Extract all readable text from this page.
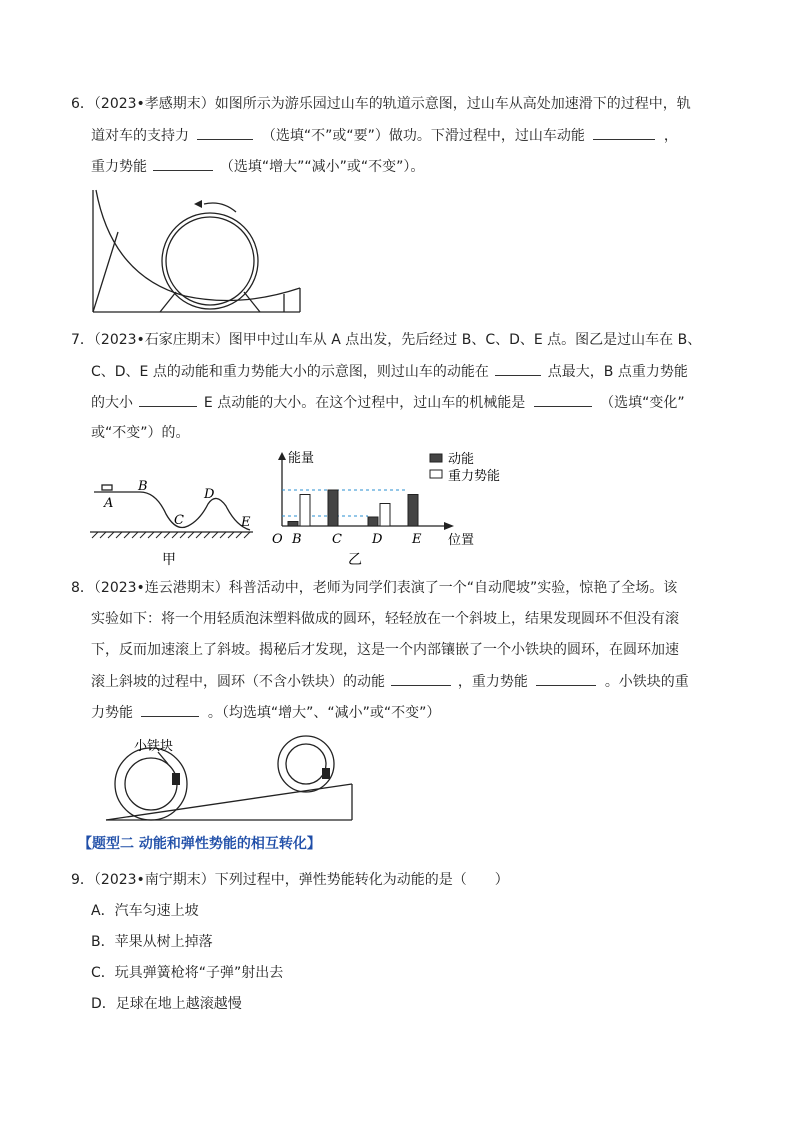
6．（2023•孝感期末）如图所示为游乐园过山车的轨道示意图，过山车从高处加速滑下的过程中，轨
道对车的支持力	（选填“不”或“要”）做功。下滑过程中，过山车动能	，
重力势能	（选填“增大”“减小”或“不变”）。
7．（2023•石家庄期末）图甲中过山车从 A 点出发，先后经过 B、C、D、E 点。图乙是过山车在 B、
C、D、E 点的动能和重力势能大小的示意图，则过山车的动能在	点最大，B 点重力势能
的大小	E 点动能的大小。在这个过程中，过山车的机械能是	（选填“变化”
或“不变”）的。
A
B
C
D
E
甲
能量
位置
O B C D E
动能
重力势能
乙
8．（2023•连云港期末）科普活动中，老师为同学们表演了一个“自动爬坡”实验，惊艳了全场。该
实验如下：将一个用轻质泡沫塑料做成的圆环，轻轻放在一个斜坡上，结果发现圆环不但没有滚
下，反而加速滚上了斜坡。揭秘后才发现，这是一个内部镶嵌了一个小铁块的圆环，在圆环加速
滚上斜坡的过程中，圆环（不含小铁块）的动能	，重力势能	。小铁块的重
力势能	。（均选填“增大”、“减小”或“不变”）
小铁块
【题型二 动能和弹性势能的相互转化】
9．（2023•南宁期末）下列过程中，弹性势能转化为动能的是（　　）
A．汽车匀速上坡
B．苹果从树上掉落
C．玩具弹簧枪将“子弹”射出去
D．足球在地上越滚越慢
